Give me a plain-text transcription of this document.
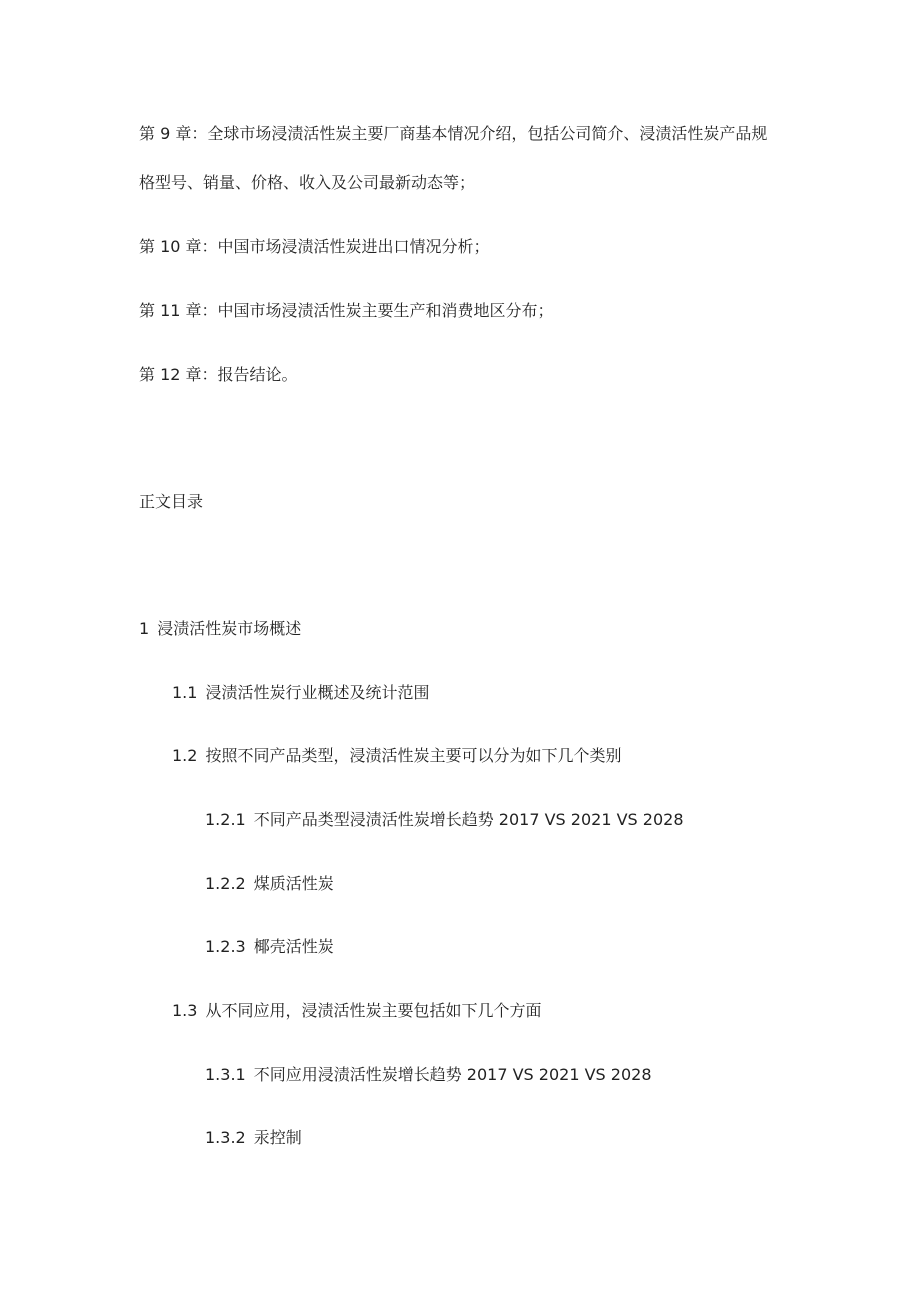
第 9 章：全球市场浸渍活性炭主要厂商基本情况介绍，包括公司简介、浸渍活性炭产品规

格型号、销量、价格、收入及公司最新动态等；

第 10 章：中国市场浸渍活性炭进出口情况分析；

第 11 章：中国市场浸渍活性炭主要生产和消费地区分布；

第 12 章：报告结论。

正文目录

1 浸渍活性炭市场概述

1.1 浸渍活性炭行业概述及统计范围

1.2 按照不同产品类型，浸渍活性炭主要可以分为如下几个类别

1.2.1 不同产品类型浸渍活性炭增长趋势 2017 VS 2021 VS 2028

1.2.2 煤质活性炭

1.2.3 椰壳活性炭

1.3 从不同应用，浸渍活性炭主要包括如下几个方面

1.3.1 不同应用浸渍活性炭增长趋势 2017 VS 2021 VS 2028

1.3.2 汞控制
